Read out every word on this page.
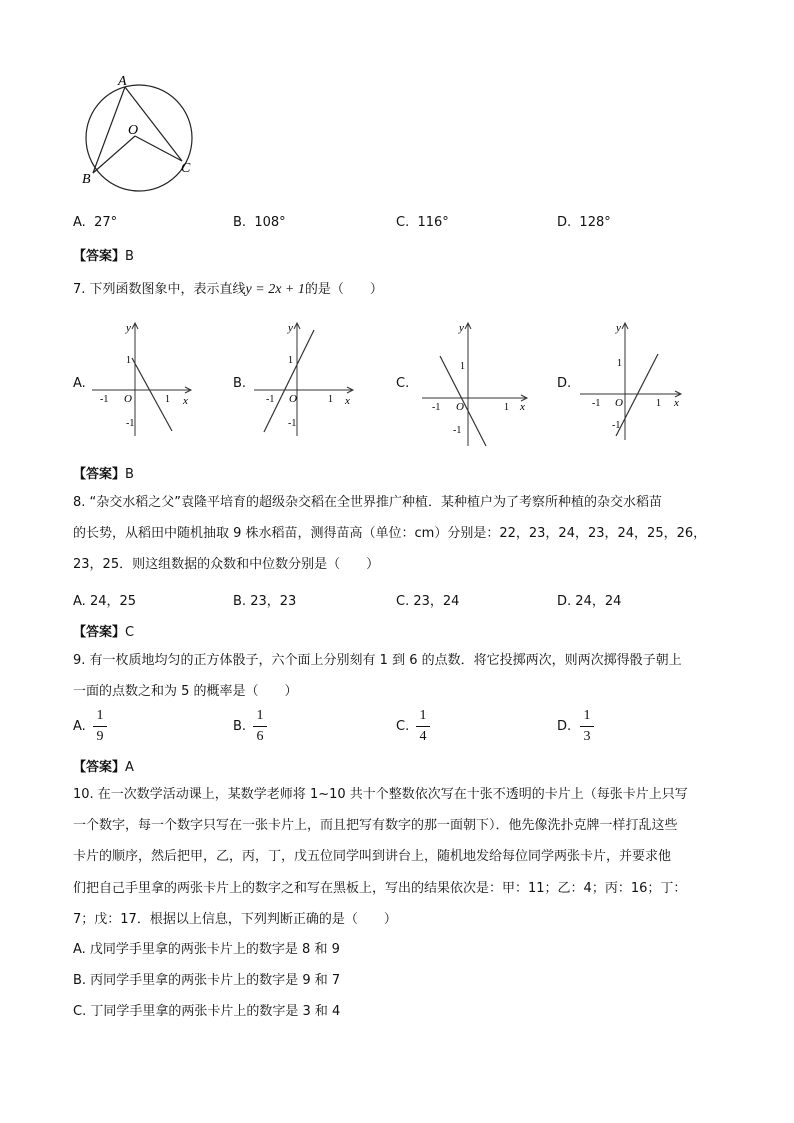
A
O
B
C
A. 27°	B. 108°	C. 116°	D. 128°
【答案】B
7. 下列函数图象中，表示直线y = 2x + 1的是（　　）
A.	B.	C.	D.
y
x
O
1
-1
-1	1
y
x
O
1
-1
-1	1
y
x
O
1
-1
-1	1
y
x
O
1
-1
-1	1
【答案】B
8. “杂交水稻之父”袁隆平培育的超级杂交稻在全世界推广种植．某种植户为了考察所种植的杂交水稻苗
的长势，从稻田中随机抽取 9 株水稻苗，测得苗高（单位：cm）分别是：22，23，24，23，24，25，26，
23，25．则这组数据的众数和中位数分别是（　　）
A. 24，25	B. 23，23	C. 23，24	D. 24，24
【答案】C
9. 有一枚质地均匀的正方体骰子，六个面上分别刻有 1 到 6 的点数．将它投掷两次，则两次掷得骰子朝上
一面的点数之和为 5 的概率是（　　）
A.
1
9
B.
1
6
C.
1
4
D.
1
3
【答案】A
10. 在一次数学活动课上，某数学老师将 1~10 共十个整数依次写在十张不透明的卡片上（每张卡片上只写
一个数字，每一个数字只写在一张卡片上，而且把写有数字的那一面朝下）．他先像洗扑克牌一样打乱这些
卡片的顺序，然后把甲，乙，丙，丁，戊五位同学叫到讲台上，随机地发给每位同学两张卡片，并要求他
们把自己手里拿的两张卡片上的数字之和写在黑板上，写出的结果依次是：甲：11；乙：4；丙：16；丁：
7；戊：17．根据以上信息，下列判断正确的是（　　）
A. 戊同学手里拿的两张卡片上的数字是 8 和 9
B. 丙同学手里拿的两张卡片上的数字是 9 和 7
C. 丁同学手里拿的两张卡片上的数字是 3 和 4
